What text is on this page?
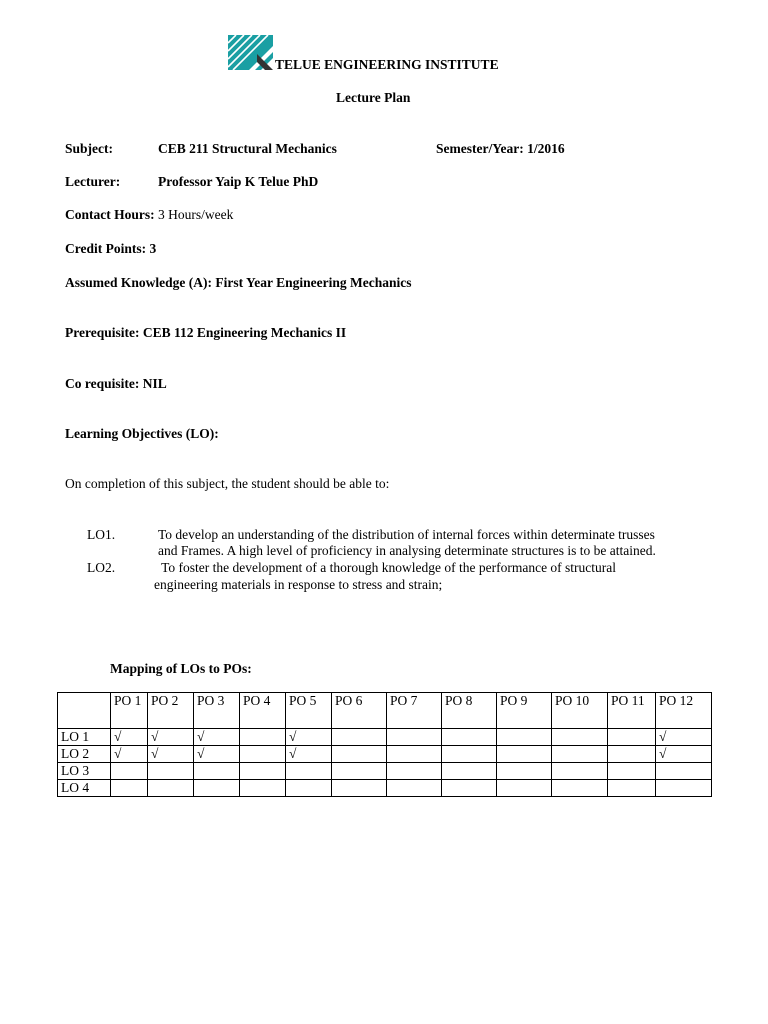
TELUE ENGINEERING INSTITUTE
Lecture Plan
Subject:	CEB 211 Structural Mechanics	Semester/Year: 1/2016
Lecturer:	Professor Yaip K Telue PhD
Contact Hours: 3 Hours/week
Credit Points: 3
Assumed Knowledge (A): First Year Engineering Mechanics
Prerequisite: CEB 112 Engineering Mechanics II
Co requisite: NIL
Learning Objectives (LO):
On completion of this subject, the student should be able to:
LO1.	To develop an understanding of the distribution of internal forces within determinate trusses
and Frames. A high level of proficiency in analysing determinate structures is to be attained.
LO2.	To foster the development of a thorough knowledge of the performance of structural
engineering materials in response to stress and strain;
Mapping of LOs to POs:
	PO 1	PO 2	PO 3	PO 4	PO 5	PO 6	PO 7	PO 8	PO 9	PO 10	PO 11	PO 12
LO 1	√	√	√		√							√
LO 2	√	√	√		√							√
LO 3												
LO 4												
